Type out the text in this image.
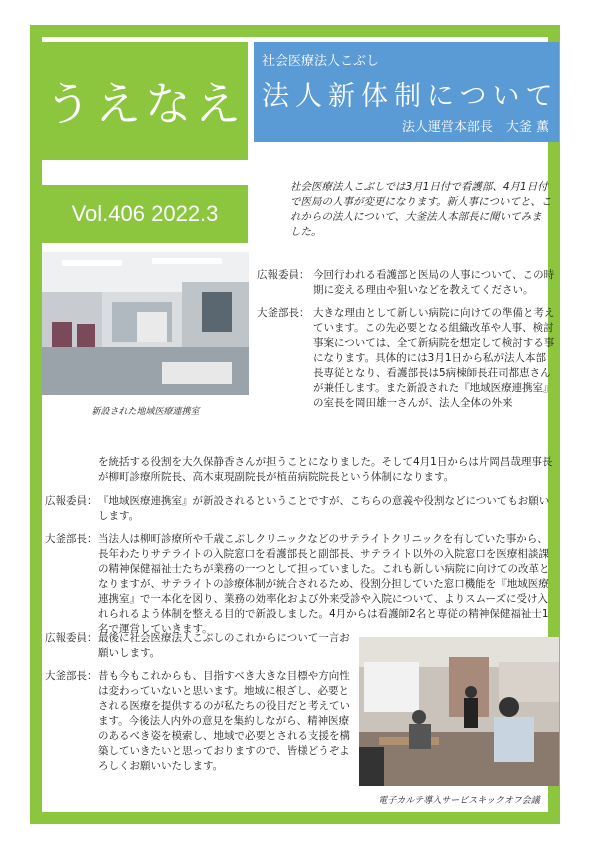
うえなえ
Vol.406 2022.3
社会医療法人こぶし
法人新体制について
法人運営本部長　大釜 薫

社会医療法人こぶしでは3月1日付で看護部、4月1日付で医局の人事が変更になります。新人事についてと、これからの法人について、大釜法人本部長に聞いてみました。

新設された地域医療連携室
広報委員： 今回行われる看護部と医局の人事について、この時期に変える理由や狙いなどを教えてください。

大釜部長： 大きな理由として新しい病院に向けての準備と考えています。この先必要となる組織改革や人事、検討事案については、全て新病院を想定して検討する事になります。具体的には3月1日から私が法人本部長専従となり、看護部長は5病棟師長荘司都恵さんが兼任します。また新設された『地域医療連携室』の室長を岡田雄一さんが、法人全体の外来

を統括する役割を大久保静香さんが担うことになりました。そして4月1日からは片岡昌哉理事長が柳町診療所院長、高木東現副院長が植苗病院院長という体制になります。

広報委員： 『地域医療連携室』が新設されるということですが、こちらの意義や役割などについてもお願いします。

大釜部長： 当法人は柳町診療所や千歳こぶしクリニックなどのサテライトクリニックを有していた事から、長年わたりサテライトの入院窓口を看護部長と副部長、サテライト以外の入院窓口を医療相談課の精神保健福祉士たちが業務の一つとして担っていました。これも新しい病院に向けての改革となりますが、サテライトの診療体制が統合されるため、役割分担していた窓口機能を『地域医療連携室』で一本化を図り、業務の効率化および外来受診や入院について、よりスムーズに受け入れられるよう体制を整える目的で新設しました。4月からは看護師2名と専従の精神保健福祉士1名で運営していきます。

広報委員： 最後に社会医療法人こぶしのこれからについて一言お願いします。

大釜部長： 昔も今もこれからも、目指すべき大きな目標や方向性は変わっていないと思います。地域に根ざし、必要とされる医療を提供するのが私たちの役目だと考えています。今後法人内外の意見を集約しながら、精神医療のあるべき姿を模索し、地域で必要とされる支援を構築していきたいと思っておりますので、皆様どうぞよろしくお願いいたします。

電子カルテ導入サービスキックオフ会議
